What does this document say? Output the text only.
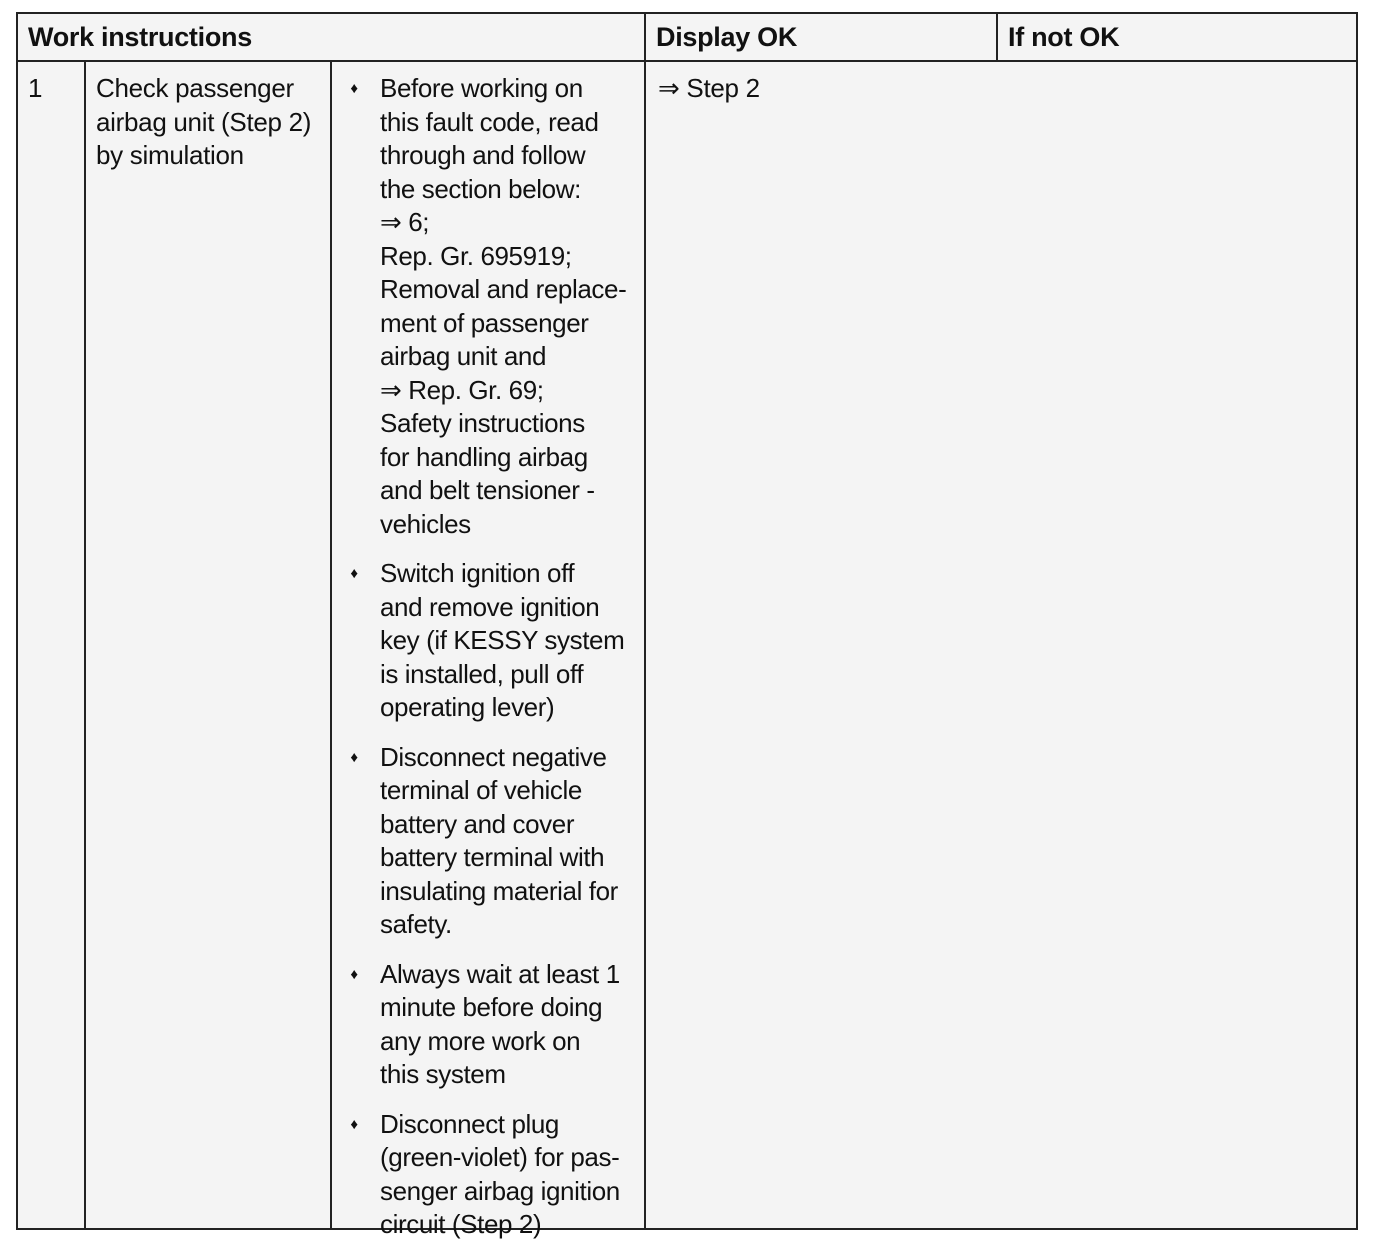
Work instructions	Display OK	If not OK
1 Check passenger
airbag unit (Step 2)
by simulation
♦ Before working on
this fault code, read
through and follow
the section below:
⇒ 6;
Rep. Gr. 695919;
Removal and replace-
ment of passenger
airbag unit and
⇒ Rep. Gr. 69;
Safety instructions
for handling airbag
and belt tensioner -
vehicles
♦ Switch ignition off
and remove ignition
key (if KESSY system
is installed, pull off
operating lever)
♦ Disconnect negative
terminal of vehicle
battery and cover
battery terminal with
insulating material for
safety.
♦ Always wait at least 1
minute before doing
any more work on
this system
♦ Disconnect plug
(green-violet) for pas-
senger airbag ignition
circuit (Step 2)
⇒ Step 2
